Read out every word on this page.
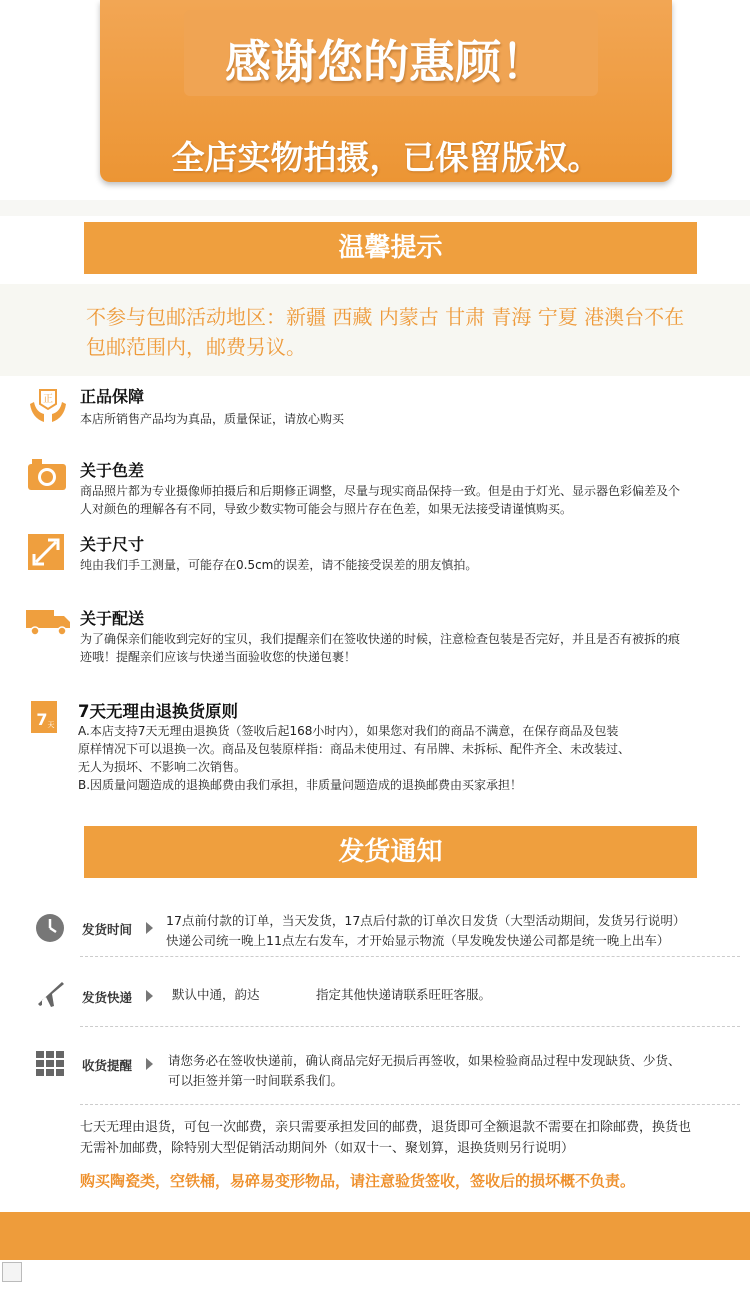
感谢您的惠顾！
全店实物拍摄，已保留版权。
温馨提示
不参与包邮活动地区：新疆 西藏 内蒙古 甘肃 青海 宁夏 港澳台不在包邮范围内，邮费另议。
正 正品保障
本店所销售产品均为真品，质量保证，请放心购买
关于色差
商品照片都为专业摄像师拍摄后和后期修正调整，尽量与现实商品保持一致。但是由于灯光、显示器色彩偏差及个人对颜色的理解各有不同，导致少数实物可能会与照片存在色差，如果无法接受请谨慎购买。
关于尺寸
纯由我们手工测量，可能存在0.5cm的误差，请不能接受误差的朋友慎拍。
关于配送
为了确保亲们能收到完好的宝贝，我们提醒亲们在签收快递的时候，注意检查包装是否完好，并且是否有被拆的痕迹哦！提醒亲们应该与快递当面验收您的快递包裹！
7 天
7天无理由退换货原则
A.本店支持7天无理由退换货（签收后起168小时内），如果您对我们的商品不满意，在保存商品及包装
原样情况下可以退换一次。商品及包装原样指：商品未使用过、有吊牌、未拆标、配件齐全、未改装过、
无人为损坏、不影响二次销售。
B.因质量问题造成的退换邮费由我们承担，非质量问题造成的退换邮费由买家承担！
发货通知
发货时间
17点前付款的订单，当天发货，17点后付款的订单次日发货（大型活动期间，发货另行说明）
快递公司统一晚上11点左右发车，才开始显示物流（早发晚发快递公司都是统一晚上出车）
发货快递	默认中通，韵达	指定其他快递请联系旺旺客服。
收货提醒	请您务必在签收快递前，确认商品完好无损后再签收，如果检验商品过程中发现缺货、少货、
可以拒签并第一时间联系我们。
七天无理由退货，可包一次邮费，亲只需要承担发回的邮费，退货即可全额退款不需要在扣除邮费，换货也
无需补加邮费，除特别大型促销活动期间外（如双十一、聚划算，退换货则另行说明）
购买陶瓷类，空铁桶，易碎易变形物品，请注意验货签收，签收后的损坏概不负责。
